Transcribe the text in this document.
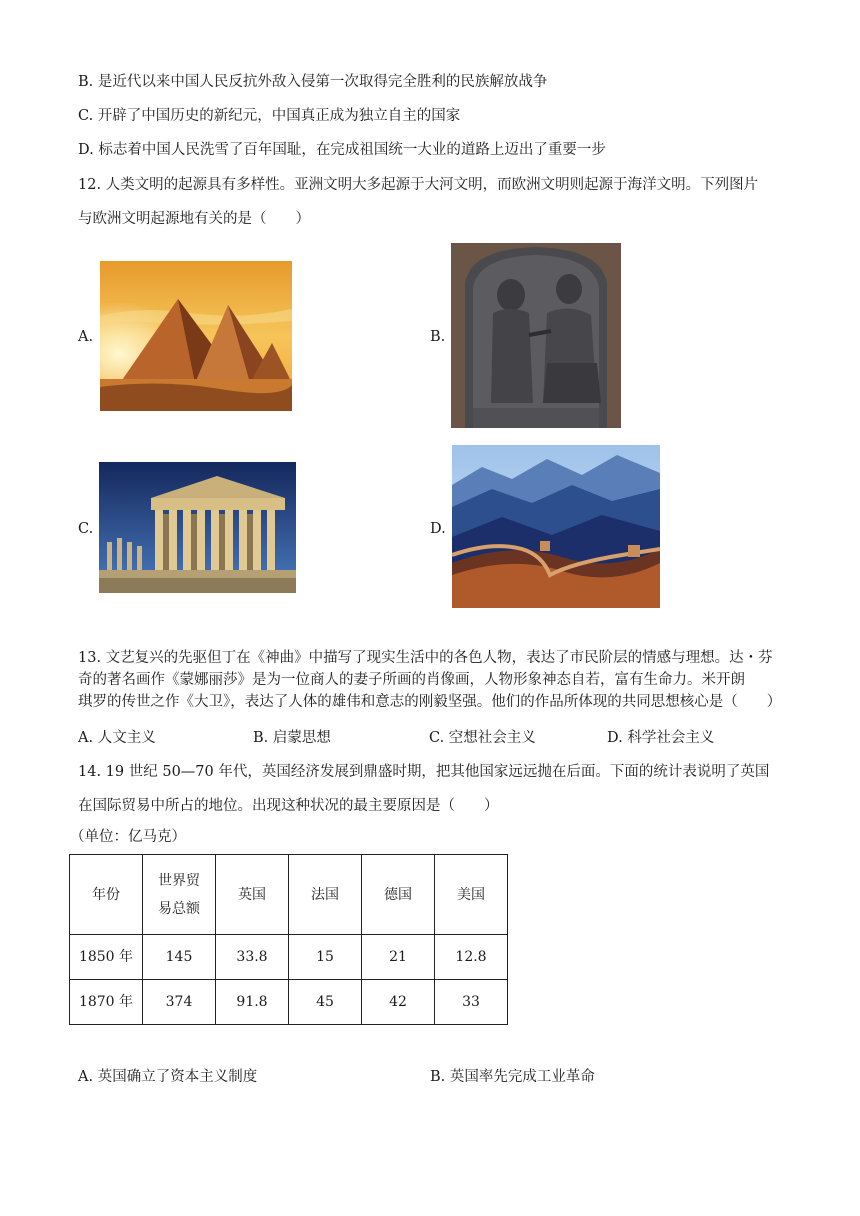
B. 是近代以来中国人民反抗外敌入侵第一次取得完全胜利的民族解放战争
C. 开辟了中国历史的新纪元，中国真正成为独立自主的国家
D. 标志着中国人民洗雪了百年国耻，在完成祖国统一大业的道路上迈出了重要一步
12. 人类文明的起源具有多样性。亚洲文明大多起源于大河文明，而欧洲文明则起源于海洋文明。下列图片
与欧洲文明起源地有关的是（　　）
A.	B.
C.	D.
13. 文艺复兴的先驱但丁在《神曲》中描写了现实生活中的各色人物，表达了市民阶层的情感与理想。达・芬
奇的著名画作《蒙娜丽莎》是为一位商人的妻子所画的肖像画，人物形象神态自若，富有生命力。米开朗
琪罗的传世之作《大卫》，表达了人体的雄伟和意志的刚毅坚强。他们的作品所体现的共同思想核心是（　　）
A. 人文主义	B. 启蒙思想	C. 空想社会主义	D. 科学社会主义
14. 19 世纪 50—70 年代，英国经济发展到鼎盛时期，把其他国家远远抛在后面。下面的统计表说明了英国
在国际贸易中所占的地位。出现这种状况的最主要原因是（　　）
（单位：亿马克）
年份	世界贸
易总额	英国	法国	德国	美国
1850 年	145	33.8	15	21	12.8
1870 年	374	91.8	45	42	33
A. 英国确立了资本主义制度	B. 英国率先完成工业革命
